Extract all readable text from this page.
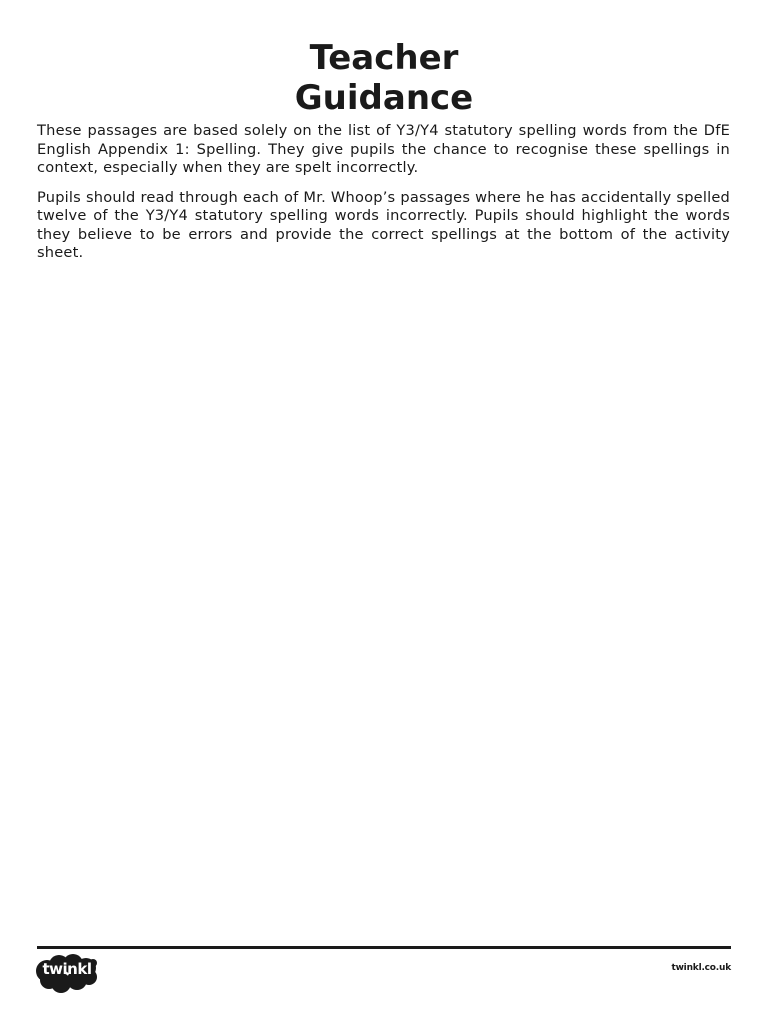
Teacher
Guidance

These passages are based solely on the list of Y3/Y4 statutory spelling words from the DfE English Appendix 1: Spelling. They give pupils the chance to recognise these spellings in context, especially when they are spelt incorrectly.

Pupils should read through each of Mr. Whoop’s passages where he has accidentally spelled twelve of the Y3/Y4 statutory spelling words incorrectly. Pupils should highlight the words they believe to be errors and provide the correct spellings at the bottom of the activity sheet.

twinkl	twinkl.co.uk
